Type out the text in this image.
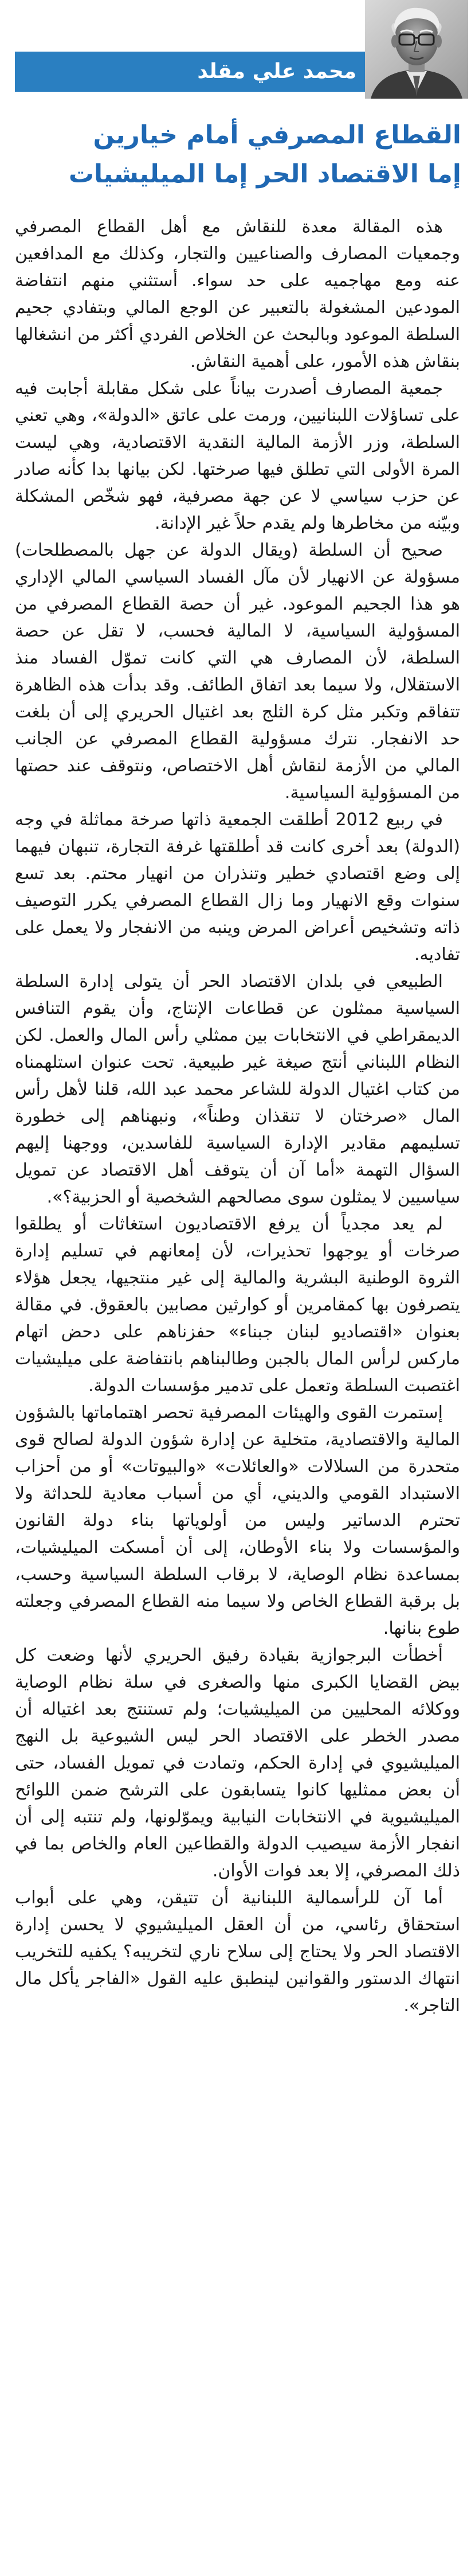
محمد علي مقلد
القطاع المصرفي أمام خيارين
إما الاقتصاد الحر إما الميليشيات

هذه المقالة معدة للنقاش مع أهل القطاع المصرفي وجمعيات المصارف والصناعيين والتجار، وكذلك مع المدافعين عنه ومع مهاجميه على حد سواء. أستثني منهم انتفاضة المودعين المشغولة بالتعبير عن الوجع المالي وبتفادي جحيم السلطة الموعود وبالبحث عن الخلاص الفردي أكثر من انشغالها بنقاش هذه الأمور، على أهمية النقاش.

جمعية المصارف أصدرت بياناً على شكل مقابلة أجابت فيه على تساؤلات اللبنانيين، ورمت على عاتق «الدولة»، وهي تعني السلطة، وزر الأزمة المالية النقدية الاقتصادية، وهي ليست المرة الأولى التي تطلق فيها صرختها. لكن بيانها بدا كأنه صادر عن حزب سياسي لا عن جهة مصرفية، فهو شخّص المشكلة وبيّنه من مخاطرها ولم يقدم حلاً غير الإدانة.

صحيح أن السلطة (ويقال الدولة عن جهل بالمصطلحات) مسؤولة عن الانهيار لأن مآل الفساد السياسي المالي الإداري هو هذا الجحيم الموعود. غير أن حصة القطاع المصرفي من المسؤولية السياسية، لا المالية فحسب، لا تقل عن حصة السلطة، لأن المصارف هي التي كانت تموّل الفساد منذ الاستقلال، ولا سيما بعد اتفاق الطائف. وقد بدأت هذه الظاهرة تتفاقم وتكبر مثل كرة الثلج بعد اغتيال الحريري إلى أن بلغت حد الانفجار. نترك مسؤولية القطاع المصرفي عن الجانب المالي من الأزمة لنقاش أهل الاختصاص، ونتوقف عند حصتها من المسؤولية السياسية.

في ربيع 2012 أطلقت الجمعية ذاتها صرخة مماثلة في وجه (الدولة) بعد أخرى كانت قد أطلقتها غرفة التجارة، تنبهان فيهما إلى وضع اقتصادي خطير وتنذران من انهيار محتم. بعد تسع سنوات وقع الانهيار وما زال القطاع المصرفي يكرر التوصيف ذاته وتشخيص أعراض المرض وينبه من الانفجار ولا يعمل على تفاديه.

الطبيعي في بلدان الاقتصاد الحر أن يتولى إدارة السلطة السياسية ممثلون عن قطاعات الإنتاج، وأن يقوم التنافس الديمقراطي في الانتخابات بين ممثلي رأس المال والعمل. لكن النظام اللبناني أنتج صيغة غير طبيعية. تحت عنوان استلهمناه من كتاب اغتيال الدولة للشاعر محمد عبد الله، قلنا لأهل رأس المال «صرختان لا تنقذان وطناً»، ونبهناهم إلى خطورة تسليمهم مقادير الإدارة السياسية للفاسدين، ووجهنا إليهم السؤال التهمة «أما آن أن يتوقف أهل الاقتصاد عن تمويل سياسيين لا يمثلون سوى مصالحهم الشخصية أو الحزبية؟».

لم يعد مجدياً أن يرفع الاقتصاديون استغاثات أو يطلقوا صرخات أو يوجهوا تحذيرات، لأن إمعانهم في تسليم إدارة الثروة الوطنية البشرية والمالية إلى غير منتجيها، يجعل هؤلاء يتصرفون بها كمقامرين أو كوارثين مصابين بالعقوق. في مقالة بعنوان «اقتصاديو لبنان جبناء» حفزناهم على دحض اتهام ماركس لرأس المال بالجبن وطالبناهم بانتفاضة على ميليشيات اغتصبت السلطة وتعمل على تدمير مؤسسات الدولة.

إستمرت القوى والهيئات المصرفية تحصر اهتماماتها بالشؤون المالية والاقتصادية، متخلية عن إدارة شؤون الدولة لصالح قوى متحدرة من السلالات «والعائلات» «والبيوتات» أو من أحزاب الاستبداد القومي والديني، أي من أسباب معادية للحداثة ولا تحترم الدساتير وليس من أولوياتها بناء دولة القانون والمؤسسات ولا بناء الأوطان، إلى أن أمسكت الميليشيات، بمساعدة نظام الوصاية، لا برقاب السلطة السياسية وحسب، بل برقبة القطاع الخاص ولا سيما منه القطاع المصرفي وجعلته طوع بنانها.

أخطأت البرجوازية بقيادة رفيق الحريري لأنها وضعت كل بيض القضايا الكبرى منها والصغرى في سلة نظام الوصاية ووكلائه المحليين من الميليشيات؛ ولم تستنتج بعد اغتياله أن مصدر الخطر على الاقتصاد الحر ليس الشيوعية بل النهج الميليشيوي في إدارة الحكم، وتمادت في تمويل الفساد، حتى أن بعض ممثليها كانوا يتسابقون على الترشح ضمن اللوائح الميليشيوية في الانتخابات النيابية ويموّلونها، ولم تنتبه إلى أن انفجار الأزمة سيصيب الدولة والقطاعين العام والخاص بما في ذلك المصرفي، إلا بعد فوات الأوان.

أما آن للرأسمالية اللبنانية أن تتيقن، وهي على أبواب استحقاق رئاسي، من أن العقل الميليشيوي لا يحسن إدارة الاقتصاد الحر ولا يحتاج إلى سلاح ناري لتخريبه؟ يكفيه للتخريب انتهاك الدستور والقوانين لينطبق عليه القول «الفاجر يأكل مال التاجر».
